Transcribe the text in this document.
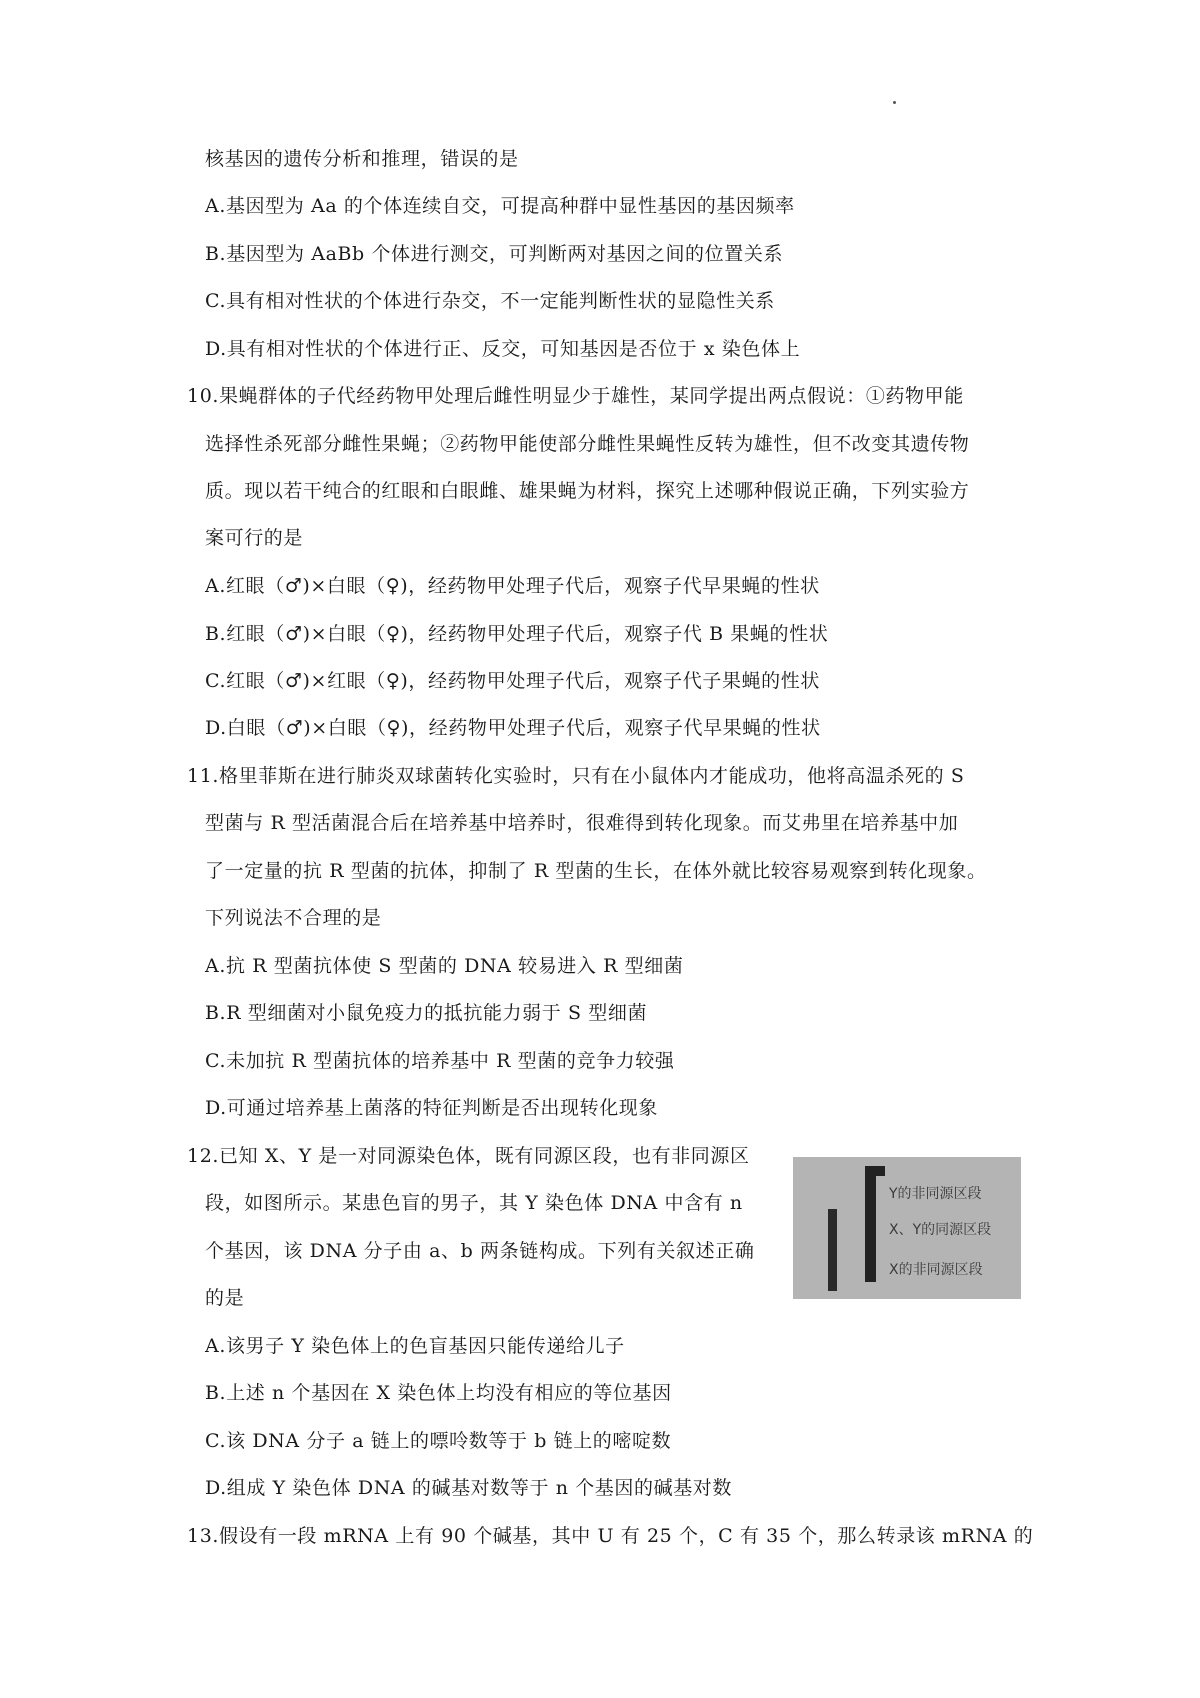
核基因的遗传分析和推理，错误的是
A.基因型为 Aa 的个体连续自交，可提高种群中显性基因的基因频率
B.基因型为 AaBb 个体进行测交，可判断两对基因之间的位置关系
C.具有相对性状的个体进行杂交，不一定能判断性状的显隐性关系
D.具有相对性状的个体进行正、反交，可知基因是否位于 x 染色体上
10.果蝇群体的子代经药物甲处理后雌性明显少于雄性，某同学提出两点假说：①药物甲能
选择性杀死部分雌性果蝇；②药物甲能使部分雌性果蝇性反转为雄性，但不改变其遗传物
质。现以若干纯合的红眼和白眼雌、雄果蝇为材料，探究上述哪种假说正确，下列实验方
案可行的是
A.红眼（♂)×白眼（♀)，经药物甲处理子代后，观察子代早果蝇的性状
B.红眼（♂)×白眼（♀)，经药物甲处理子代后，观察子代 B 果蝇的性状
C.红眼（♂)×红眼（♀)，经药物甲处理子代后，观察子代子果蝇的性状
D.白眼（♂)×白眼（♀)，经药物甲处理子代后，观察子代早果蝇的性状
11.格里菲斯在进行肺炎双球菌转化实验时，只有在小鼠体内才能成功，他将高温杀死的 S
型菌与 R 型活菌混合后在培养基中培养时，很难得到转化现象。而艾弗里在培养基中加
了一定量的抗 R 型菌的抗体，抑制了 R 型菌的生长，在体外就比较容易观察到转化现象。
下列说法不合理的是
A.抗 R 型菌抗体使 S 型菌的 DNA 较易进入 R 型细菌
B.R 型细菌对小鼠免疫力的抵抗能力弱于 S 型细菌
C.未加抗 R 型菌抗体的培养基中 R 型菌的竞争力较强
D.可通过培养基上菌落的特征判断是否出现转化现象
12.已知 X、Y 是一对同源染色体，既有同源区段，也有非同源区
段，如图所示。某患色盲的男子，其 Y 染色体 DNA 中含有 n
个基因，该 DNA 分子由 a、b 两条链构成。下列有关叙述正确
的是
A.该男子 Y 染色体上的色盲基因只能传递给儿子
B.上述 n 个基因在 X 染色体上均没有相应的等位基因
C.该 DNA 分子 a 链上的嘌呤数等于 b 链上的嘧啶数
D.组成 Y 染色体 DNA 的碱基对数等于 n 个基因的碱基对数
13.假设有一段 mRNA 上有 90 个碱基，其中 U 有 25 个，C 有 35 个，那么转录该 mRNA 的
Y的非同源区段
X、Y的同源区段
X的非同源区段
